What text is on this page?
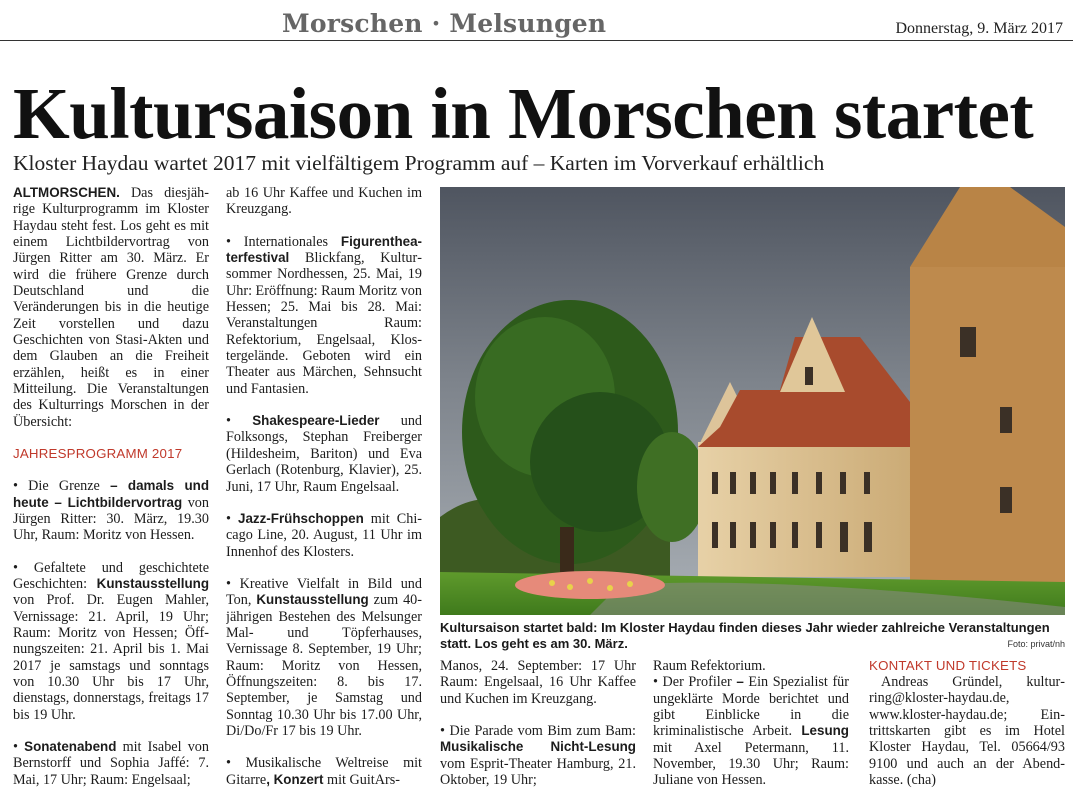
Morschen · Melsungen	Donnerstag, 9. März 2017
Kultursaison in Morschen startet
Kloster Haydau wartet 2017 mit vielfältigem Programm auf – Karten im Vorverkauf erhältlich

ALTMORSCHEN. Das diesjährige Kulturprogramm im Kloster Haydau steht fest. Los geht es mit einem Lichtbildervortrag von Jürgen Ritter am 30. März. Er wird die frühere Grenze durch Deutschland und die Veränderungen bis in die heutige Zeit vorstellen und dazu Geschichten von Stasi-Akten und dem Glauben an die Freiheit erzählen, heißt es in einer Mitteilung. Die Veranstaltungen des Kulturrings Morschen in der Übersicht:

JAHRESPROGRAMM 2017

• Die Grenze – damals und heute – Lichtbildervortrag von Jürgen Ritter: 30. März, 19.30 Uhr, Raum: Moritz von Hessen.

• Gefaltete und geschichtete Geschichten: Kunstausstellung von Prof. Dr. Eugen Mahler, Vernissage: 21. April, 19 Uhr; Raum: Moritz von Hessen; Öffnungszeiten: 21. April bis 1. Mai 2017 je samstags und sonntags von 10.30 Uhr bis 17 Uhr, dienstags, donnerstags, freitags 17 bis 19 Uhr.

• Sonatenabend mit Isabel von Bernstorff und Sophia Jaffé: 7. Mai, 17 Uhr; Raum: Engelsaal;

ab 16 Uhr Kaffee und Kuchen im Kreuzgang.

• Internationales Figurentheaterfestival Blickfang, Kultursommer Nordhessen, 25. Mai, 19 Uhr: Eröffnung: Raum Moritz von Hessen; 25. Mai bis 28. Mai: Veranstaltungen Raum: Refektorium, Engelsaal, Klostergelände. Geboten wird ein Theater aus Märchen, Sehnsucht und Fantasien.

• Shakespeare-Lieder und Folksongs, Stephan Freiberger (Hildesheim, Bariton) und Eva Gerlach (Rotenburg, Klavier), 25. Juni, 17 Uhr, Raum Engelsaal.

• Jazz-Frühschoppen mit Chicago Line, 20. August, 11 Uhr im Innenhof des Klosters.

• Kreative Vielfalt in Bild und Ton, Kunstausstellung zum 40-jährigen Bestehen des Melsunger Mal- und Töpferhauses, Vernissage 8. September, 19 Uhr; Raum: Moritz von Hessen, Öffnungszeiten: 8. bis 17. September, je Samstag und Sonntag 10.30 Uhr bis 17.00 Uhr, Di/Do/Fr 17 bis 19 Uhr.

• Musikalische Weltreise mit Gitarre, Konzert mit GuitArs-

Kultursaison startet bald: Im Kloster Haydau finden dieses Jahr wieder zahlreiche Veranstaltungen statt. Los geht es am 30. März.	Foto: privat/nh

Manos, 24. September: 17 Uhr Raum: Engelsaal, 16 Uhr Kaffee und Kuchen im Kreuzgang.

• Die Parade vom Bim zum Bam: Musikalische Nicht-Lesung vom Esprit-Theater Hamburg, 21. Oktober, 19 Uhr;

Raum Refektorium.

• Der Profiler – Ein Spezialist für ungeklärte Morde berichtet und gibt Einblicke in die kriminalistische Arbeit. Lesung mit Axel Petermann, 11. November, 19.30 Uhr; Raum: Juliane von Hessen.

KONTAKT UND TICKETS

Andreas Gründel, kulturring@kloster-haydau.de, www.kloster-haydau.de; Eintrittskarten gibt es im Hotel Kloster Haydau, Tel. 05664/93 9100 und auch an der Abendkasse. (cha)
